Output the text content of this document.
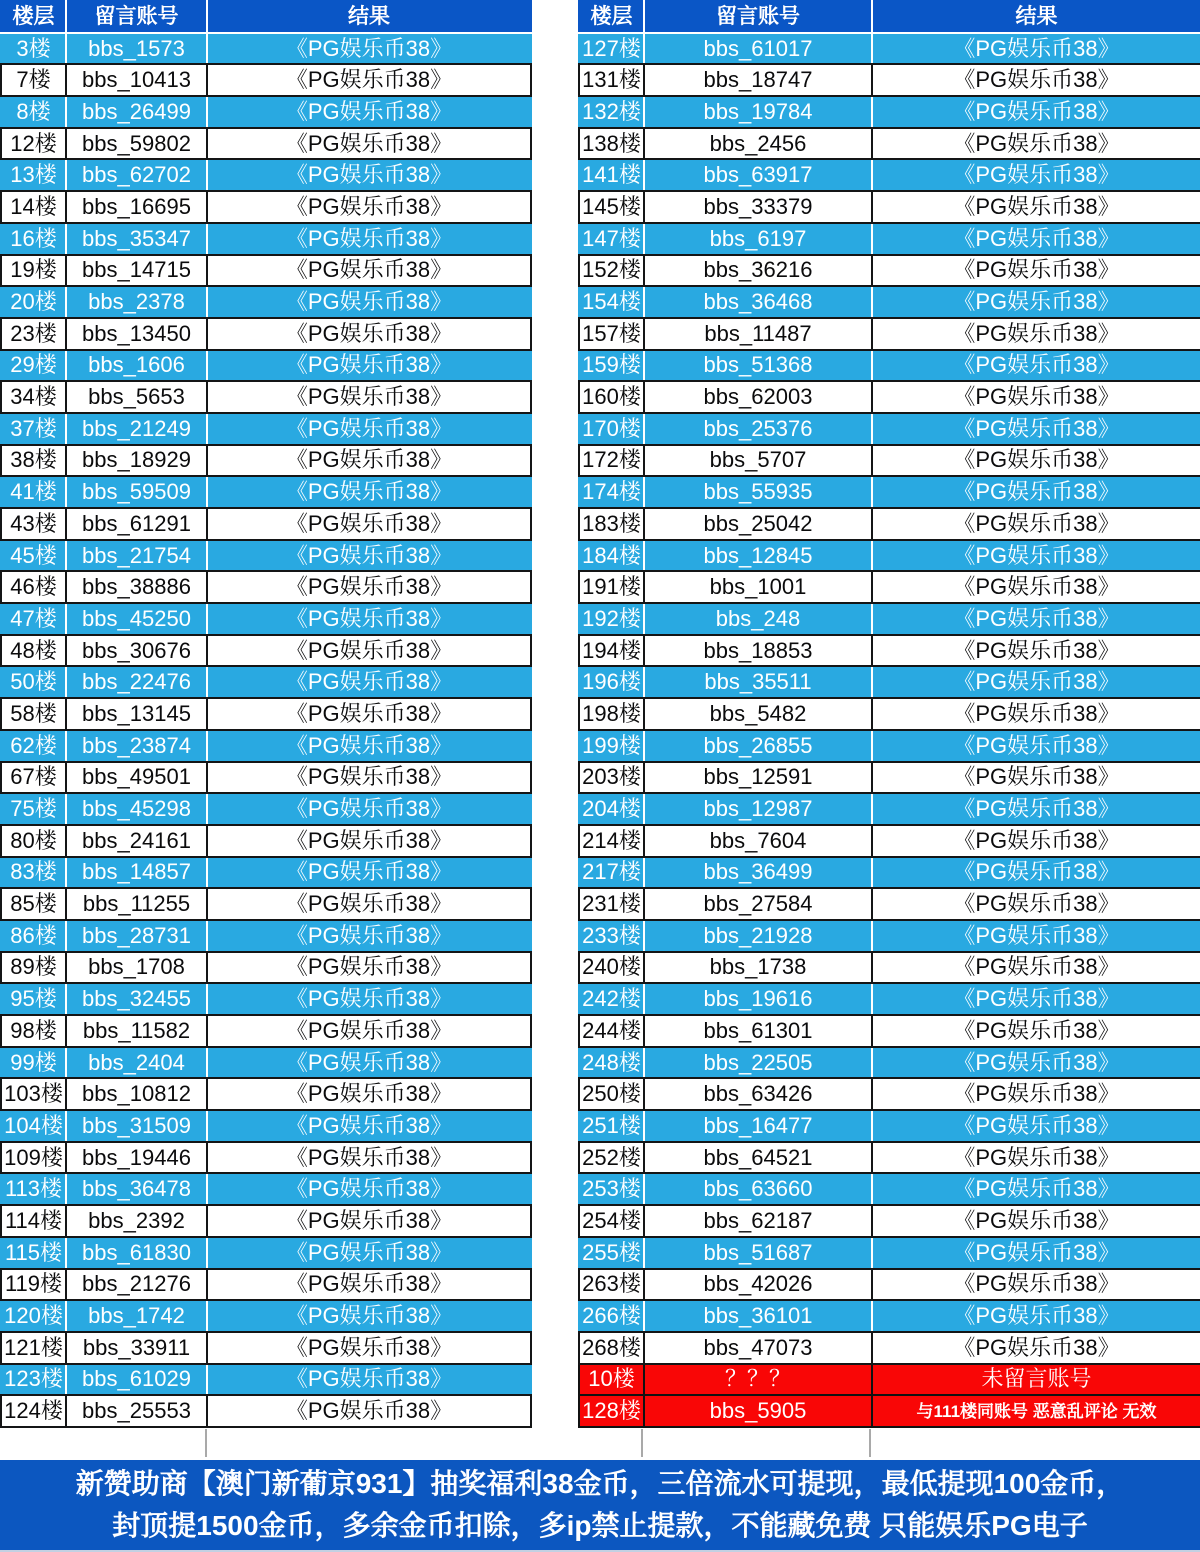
楼层	留言账号	结果
3楼	bbs_1573	《PG娱乐币38》
7楼	bbs_10413	《PG娱乐币38》
8楼	bbs_26499	《PG娱乐币38》
12楼	bbs_59802	《PG娱乐币38》
13楼	bbs_62702	《PG娱乐币38》
14楼	bbs_16695	《PG娱乐币38》
16楼	bbs_35347	《PG娱乐币38》
19楼	bbs_14715	《PG娱乐币38》
20楼	bbs_2378	《PG娱乐币38》
23楼	bbs_13450	《PG娱乐币38》
29楼	bbs_1606	《PG娱乐币38》
34楼	bbs_5653	《PG娱乐币38》
37楼	bbs_21249	《PG娱乐币38》
38楼	bbs_18929	《PG娱乐币38》
41楼	bbs_59509	《PG娱乐币38》
43楼	bbs_61291	《PG娱乐币38》
45楼	bbs_21754	《PG娱乐币38》
46楼	bbs_38886	《PG娱乐币38》
47楼	bbs_45250	《PG娱乐币38》
48楼	bbs_30676	《PG娱乐币38》
50楼	bbs_22476	《PG娱乐币38》
58楼	bbs_13145	《PG娱乐币38》
62楼	bbs_23874	《PG娱乐币38》
67楼	bbs_49501	《PG娱乐币38》
75楼	bbs_45298	《PG娱乐币38》
80楼	bbs_24161	《PG娱乐币38》
83楼	bbs_14857	《PG娱乐币38》
85楼	bbs_11255	《PG娱乐币38》
86楼	bbs_28731	《PG娱乐币38》
89楼	bbs_1708	《PG娱乐币38》
95楼	bbs_32455	《PG娱乐币38》
98楼	bbs_11582	《PG娱乐币38》
99楼	bbs_2404	《PG娱乐币38》
103楼	bbs_10812	《PG娱乐币38》
104楼	bbs_31509	《PG娱乐币38》
109楼	bbs_19446	《PG娱乐币38》
113楼	bbs_36478	《PG娱乐币38》
114楼	bbs_2392	《PG娱乐币38》
115楼	bbs_61830	《PG娱乐币38》
119楼	bbs_21276	《PG娱乐币38》
120楼	bbs_1742	《PG娱乐币38》
121楼	bbs_33911	《PG娱乐币38》
123楼	bbs_61029	《PG娱乐币38》
124楼	bbs_25553	《PG娱乐币38》
楼层	留言账号	结果
127楼	bbs_61017	《PG娱乐币38》
131楼	bbs_18747	《PG娱乐币38》
132楼	bbs_19784	《PG娱乐币38》
138楼	bbs_2456	《PG娱乐币38》
141楼	bbs_63917	《PG娱乐币38》
145楼	bbs_33379	《PG娱乐币38》
147楼	bbs_6197	《PG娱乐币38》
152楼	bbs_36216	《PG娱乐币38》
154楼	bbs_36468	《PG娱乐币38》
157楼	bbs_11487	《PG娱乐币38》
159楼	bbs_51368	《PG娱乐币38》
160楼	bbs_62003	《PG娱乐币38》
170楼	bbs_25376	《PG娱乐币38》
172楼	bbs_5707	《PG娱乐币38》
174楼	bbs_55935	《PG娱乐币38》
183楼	bbs_25042	《PG娱乐币38》
184楼	bbs_12845	《PG娱乐币38》
191楼	bbs_1001	《PG娱乐币38》
192楼	bbs_248	《PG娱乐币38》
194楼	bbs_18853	《PG娱乐币38》
196楼	bbs_35511	《PG娱乐币38》
198楼	bbs_5482	《PG娱乐币38》
199楼	bbs_26855	《PG娱乐币38》
203楼	bbs_12591	《PG娱乐币38》
204楼	bbs_12987	《PG娱乐币38》
214楼	bbs_7604	《PG娱乐币38》
217楼	bbs_36499	《PG娱乐币38》
231楼	bbs_27584	《PG娱乐币38》
233楼	bbs_21928	《PG娱乐币38》
240楼	bbs_1738	《PG娱乐币38》
242楼	bbs_19616	《PG娱乐币38》
244楼	bbs_61301	《PG娱乐币38》
248楼	bbs_22505	《PG娱乐币38》
250楼	bbs_63426	《PG娱乐币38》
251楼	bbs_16477	《PG娱乐币38》
252楼	bbs_64521	《PG娱乐币38》
253楼	bbs_63660	《PG娱乐币38》
254楼	bbs_62187	《PG娱乐币38》
255楼	bbs_51687	《PG娱乐币38》
263楼	bbs_42026	《PG娱乐币38》
266楼	bbs_36101	《PG娱乐币38》
268楼	bbs_47073	《PG娱乐币38》
10楼	？？？	未留言账号
128楼	bbs_5905	与111楼同账号 恶意乱评论 无效
新赞助商【澳门新葡京931】抽奖福利38金币，三倍流水可提现，最低提现100金币，
封顶提1500金币，多余金币扣除，多ip禁止提款，不能藏免费 只能娱乐PG电子
